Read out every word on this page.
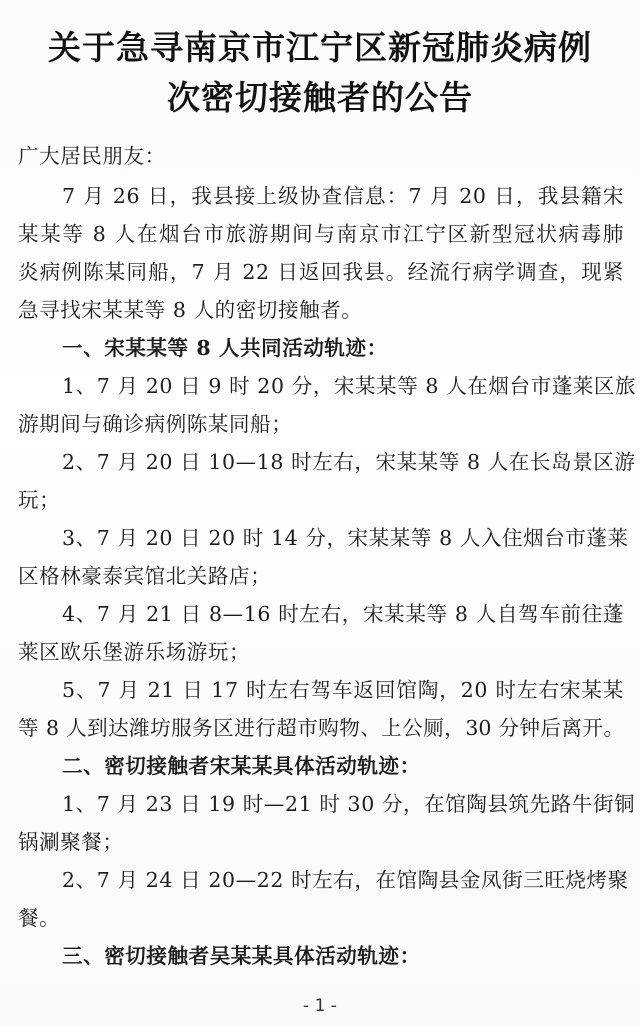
关于急寻南京市江宁区新冠肺炎病例
次密切接触者的公告
广大居民朋友：
7 月 26 日，我县接上级协查信息：7 月 20 日，我县籍宋
某某等 8 人在烟台市旅游期间与南京市江宁区新型冠状病毒肺
炎病例陈某同船，7 月 22 日返回我县。经流行病学调查，现紧
急寻找宋某某等 8 人的密切接触者。
一、宋某某等 8 人共同活动轨迹：
1、7 月 20 日 9 时 20 分，宋某某等 8 人在烟台市蓬莱区旅
游期间与确诊病例陈某同船；
2、7 月 20 日 10—18 时左右，宋某某等 8 人在长岛景区游
玩；
3、7 月 20 日 20 时 14 分，宋某某等 8 人入住烟台市蓬莱
区格林豪泰宾馆北关路店；
4、7 月 21 日 8—16 时左右，宋某某等 8 人自驾车前往蓬
莱区欧乐堡游乐场游玩；
5、7 月 21 日 17 时左右驾车返回馆陶，20 时左右宋某某
等 8 人到达潍坊服务区进行超市购物、上公厕，30 分钟后离开。
二、密切接触者宋某某具体活动轨迹：
1、7 月 23 日 19 时—21 时 30 分，在馆陶县筑先路牛街铜
锅涮聚餐；
2、7 月 24 日 20—22 时左右，在馆陶县金凤街三旺烧烤聚
餐。
三、密切接触者吴某某具体活动轨迹：
- 1 -
